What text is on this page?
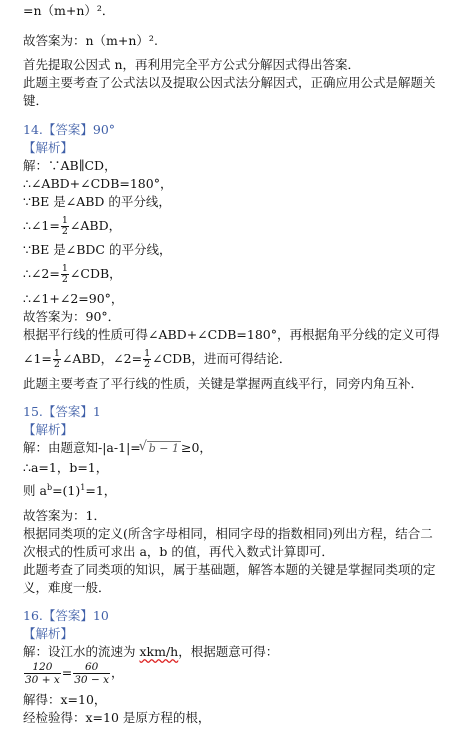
=n（m+n）²．
故答案为：n（m+n）².
首先提取公因式 n，再利用完全平方公式分解因式得出答案．
此题主要考查了公式法以及提取公因式法分解因式，正确应用公式是解题关
键．
14.【答案】90°
【解析】
解：∵AB∥CD，
∴∠ABD+∠CDB=180°，
∵BE 是∠ABD 的平分线，
∴∠1= $\frac{1}{2}$ ∠ABD，
∵BE 是∠BDC 的平分线，
∴∠2= $\frac{1}{2}$ ∠CDB，
∴∠1+∠2=90°，
故答案为：90°．
根据平行线的性质可得∠ABD+∠CDB=180°，再根据角平分线的定义可得
∠1= $\frac{1}{2}$ ∠ABD，∠2= $\frac{1}{2}$ ∠CDB，进而可得结论．
此题主要考查了平行线的性质，关键是掌握两直线平行，同旁内角互补．
15.【答案】1
【解析】
解：由题意知-|a-1|=√ b − 1 ≥0，
∴a=1，b=1，
则 $a^b=(1)^1=1$，
故答案为：1．
根据同类项的定义(所含字母相同，相同字母的指数相同)列出方程，结合二
次根式的性质可求出 a，b 的值，再代入数式计算即可．
此题考查了同类项的知识，属于基础题，解答本题的关键是掌握同类项的定
义，难度一般．
16.【答案】10
【解析】
解：设江水的流速为 xkm/h，根据题意可得：
$\frac{120}{30 + x} = \frac{60}{30 - x}$ ，
解得：x=10，
经检验得：x=10 是原方程的根，
